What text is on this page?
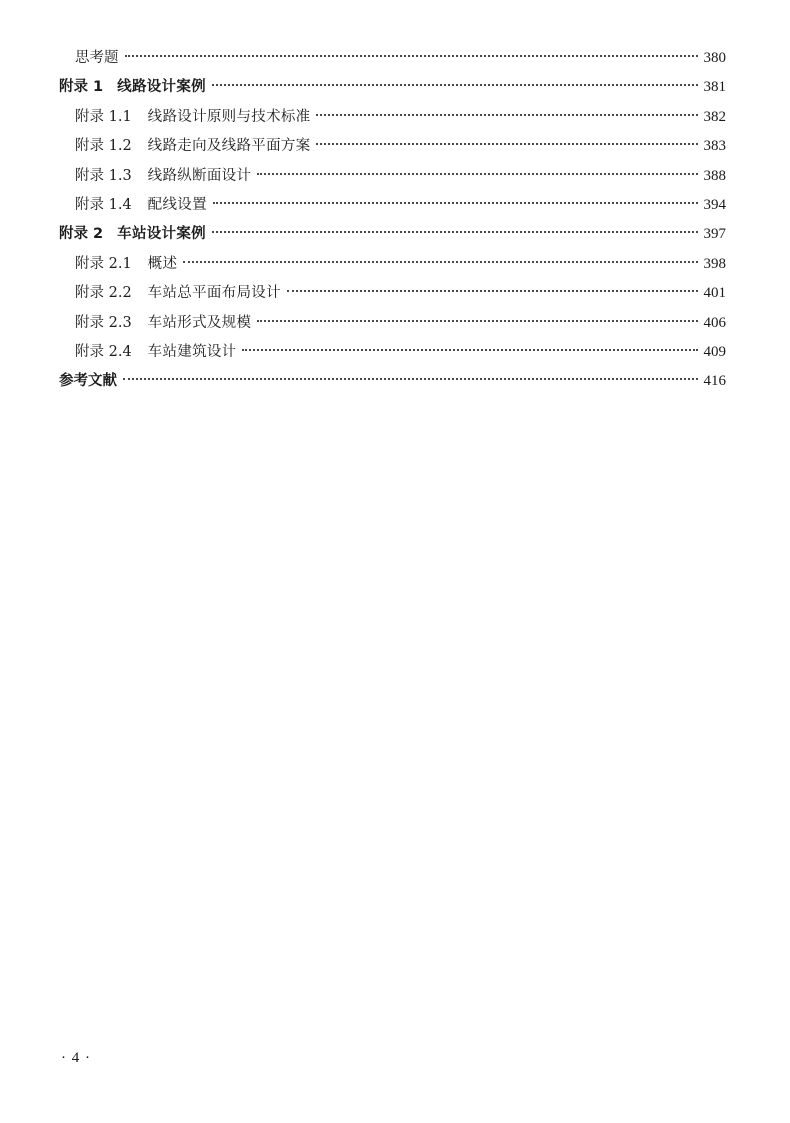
思考题	380
附录 1 线路设计案例	381
附录 1.1 线路设计原则与技术标准	382
附录 1.2 线路走向及线路平面方案	383
附录 1.3 线路纵断面设计	388
附录 1.4 配线设置	394
附录 2 车站设计案例	397
附录 2.1 概述	398
附录 2.2 车站总平面布局设计	401
附录 2.3 车站形式及规模	406
附录 2.4 车站建筑设计	409
参考文献	416
· 4 ·
